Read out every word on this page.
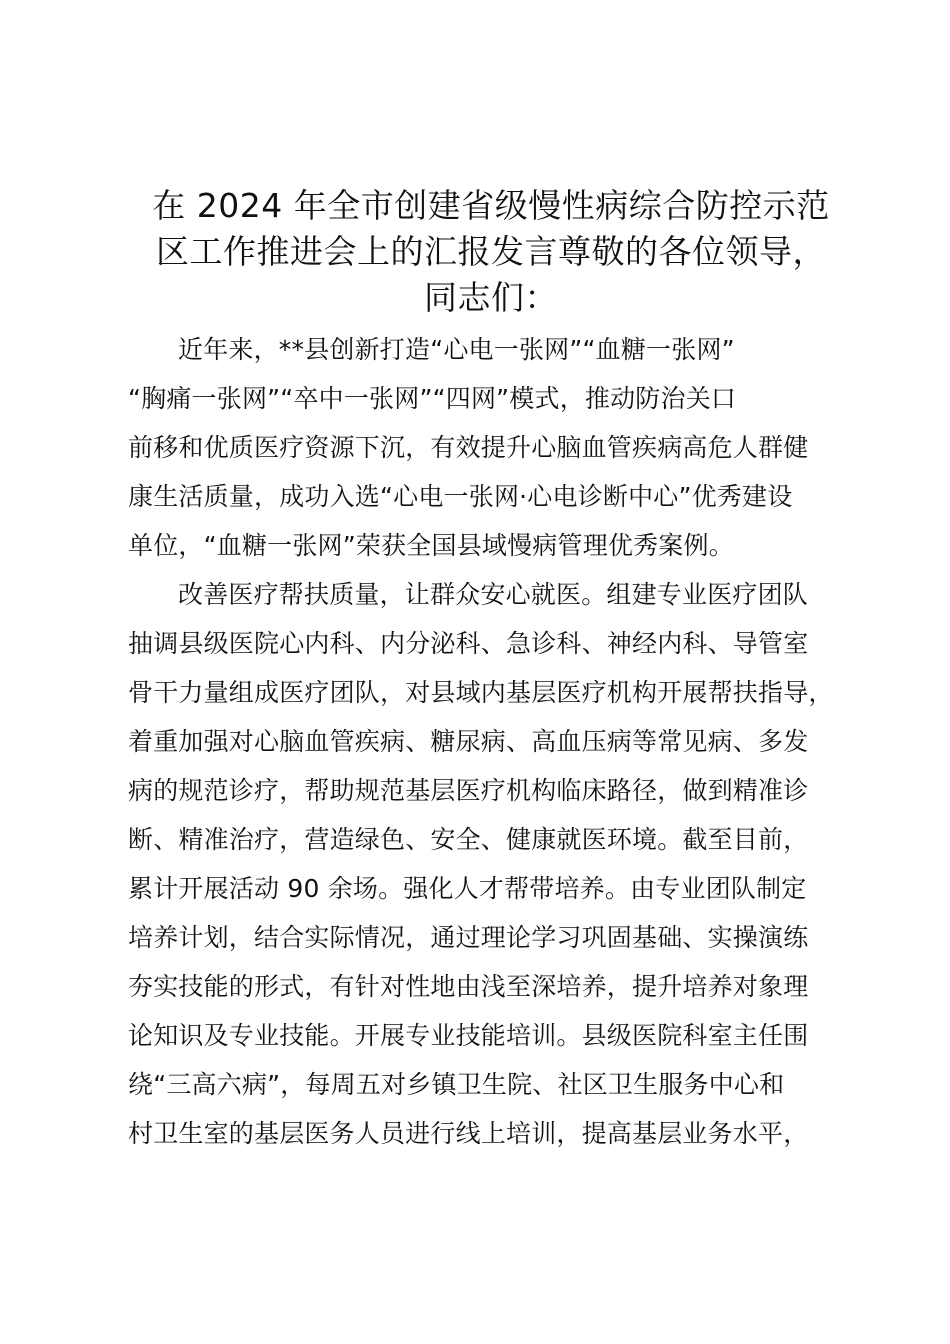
在 2024 年全市创建省级慢性病综合防控示范
区工作推进会上的汇报发言尊敬的各位领导，
同志们：

近年来，**县创新打造“心电一张网”“血糖一张网”
“胸痛一张网”“卒中一张网”“四网”模式，推动防治关口
前移和优质医疗资源下沉，有效提升心脑血管疾病高危人群健
康生活质量，成功入选“心电一张网·心电诊断中心”优秀建设
单位，“血糖一张网”荣获全国县域慢病管理优秀案例。

改善医疗帮扶质量，让群众安心就医。组建专业医疗团队
抽调县级医院心内科、内分泌科、急诊科、神经内科、导管室
骨干力量组成医疗团队，对县域内基层医疗机构开展帮扶指导，
着重加强对心脑血管疾病、糖尿病、高血压病等常见病、多发
病的规范诊疗，帮助规范基层医疗机构临床路径，做到精准诊
断、精准治疗，营造绿色、安全、健康就医环境。截至目前，
累计开展活动 90 余场。强化人才帮带培养。由专业团队制定
培养计划，结合实际情况，通过理论学习巩固基础、实操演练
夯实技能的形式，有针对性地由浅至深培养，提升培养对象理
论知识及专业技能。开展专业技能培训。县级医院科室主任围
绕“三高六病”，每周五对乡镇卫生院、社区卫生服务中心和
村卫生室的基层医务人员进行线上培训，提高基层业务水平，
